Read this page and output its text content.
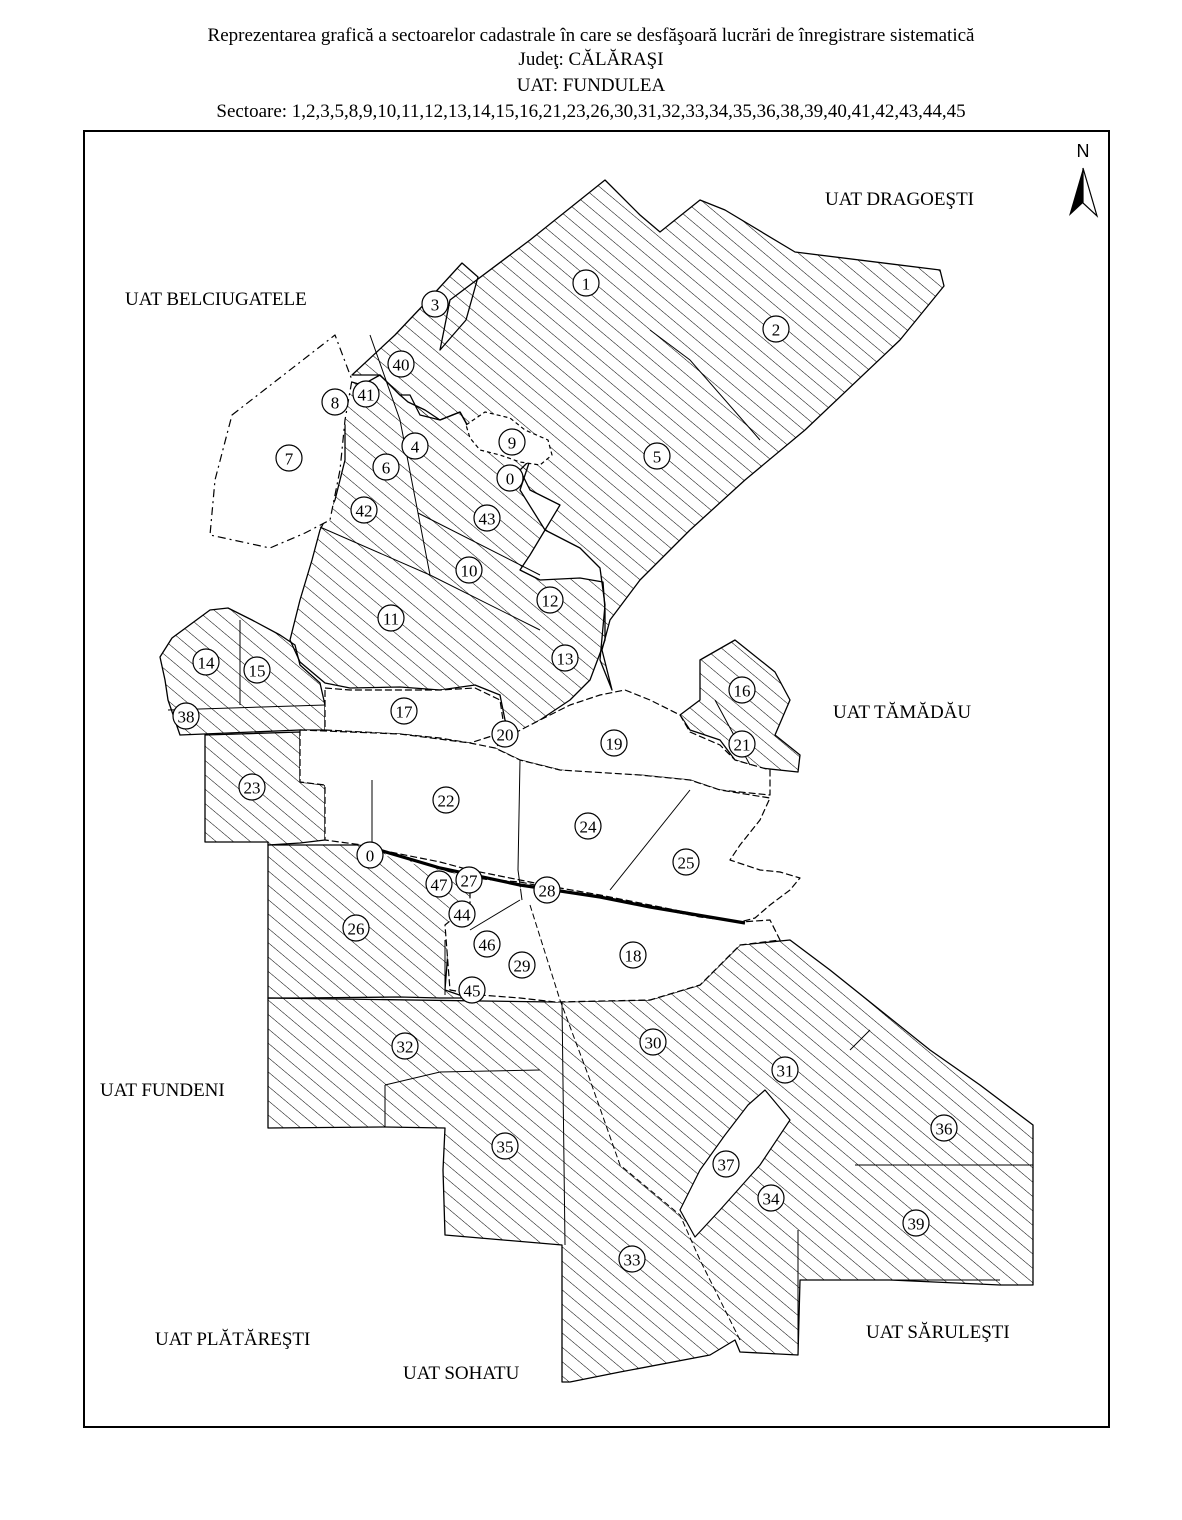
Reprezentarea grafică a sectoarelor cadastrale în care se desfăşoară lucrări de înregistrare sistematică
Judeţ: CĂLĂRAŞI
UAT: FUNDULEA
Sectoare: 1,2,3,5,8,9,10,11,12,13,14,15,16,21,23,26,30,31,32,33,34,35,36,38,39,40,41,42,43,44,45
N
UAT DRAGOEŞTI
UAT BELCIUGATELE
UAT TĂMĂDĂU
UAT FUNDENI
UAT PLĂTĂREŞTI
UAT SOHATU
UAT SĂRULEŞTI
1
2
3
4
5
6
7
8
9
0
10
11
12
13
14 15
16
17
18
19
20
21
22
23
24
25
0
26
27
28
29
30
31
32
33
34
35
36
37
38
39
40
41
42	43
44
45
46
47
